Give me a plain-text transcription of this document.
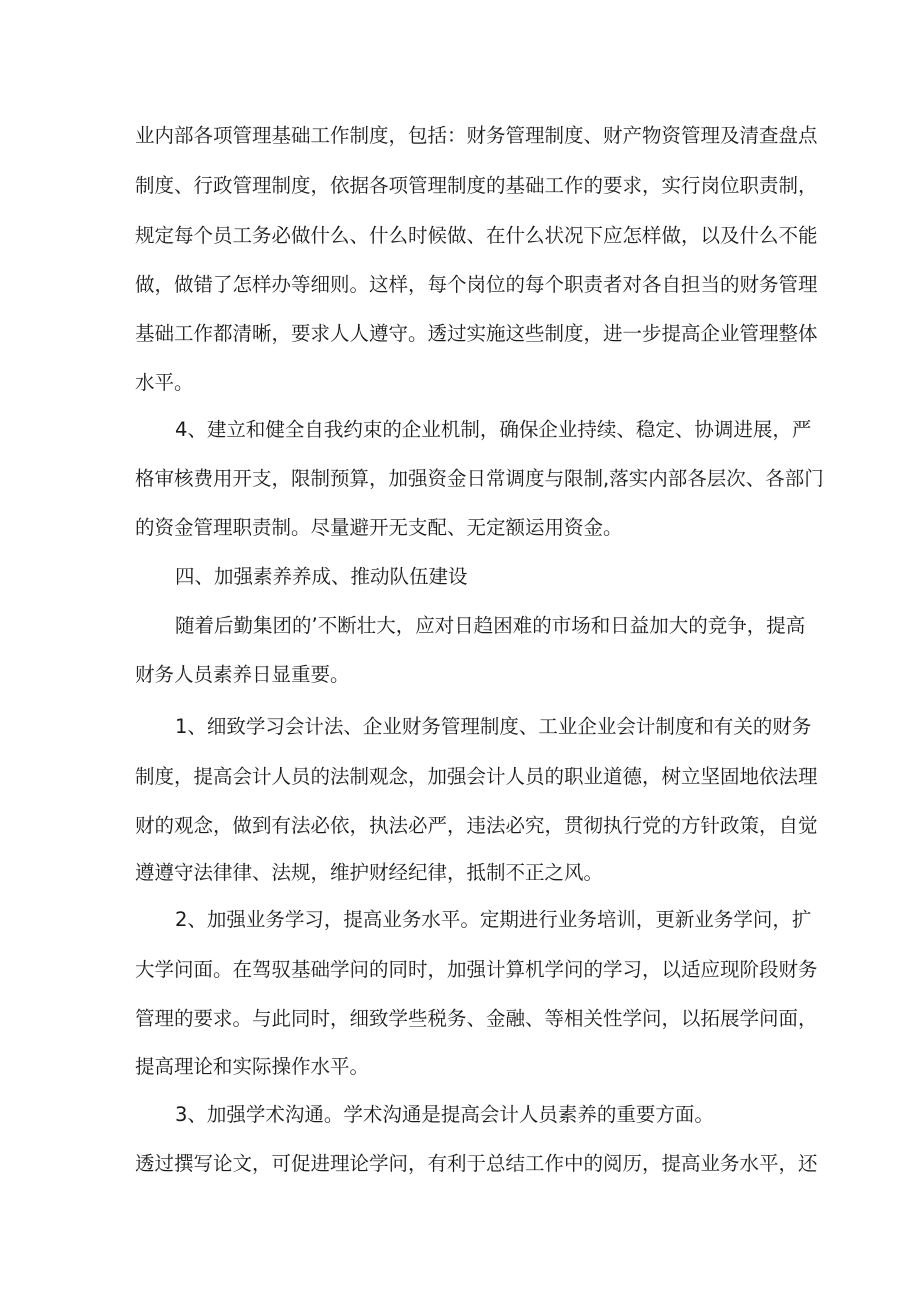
业内部各项管理基础工作制度，包括：财务管理制度、财产物资管理及清查盘点
制度、行政管理制度，依据各项管理制度的基础工作的要求，实行岗位职责制，
规定每个员工务必做什么、什么时候做、在什么状况下应怎样做，以及什么不能
做，做错了怎样办等细则。这样，每个岗位的每个职责者对各自担当的财务管理
基础工作都清晰，要求人人遵守。透过实施这些制度，进一步提高企业管理整体
水平。
4、建立和健全自我约束的企业机制，确保企业持续、稳定、协调进展，严
格审核费用开支，限制预算，加强资金日常调度与限制,落实内部各层次、各部门
的资金管理职责制。尽量避开无支配、无定额运用资金。
四、加强素养养成、推动队伍建设
随着后勤集团的’不断壮大，应对日趋困难的市场和日益加大的竞争，提高
财务人员素养日显重要。
1、细致学习会计法、企业财务管理制度、工业企业会计制度和有关的财务
制度，提高会计人员的法制观念，加强会计人员的职业道德，树立坚固地依法理
财的观念，做到有法必依，执法必严，违法必究，贯彻执行党的方针政策，自觉
遵遵守法律律、法规，维护财经纪律，抵制不正之风。
2、加强业务学习，提高业务水平。定期进行业务培训，更新业务学问，扩
大学问面。在驾驭基础学问的同时，加强计算机学问的学习，以适应现阶段财务
管理的要求。与此同时，细致学些税务、金融、等相关性学问，以拓展学问面，
提高理论和实际操作水平。
3、加强学术沟通。学术沟通是提高会计人员素养的重要方面。
透过撰写论文，可促进理论学问，有利于总结工作中的阅历，提高业务水平，还
